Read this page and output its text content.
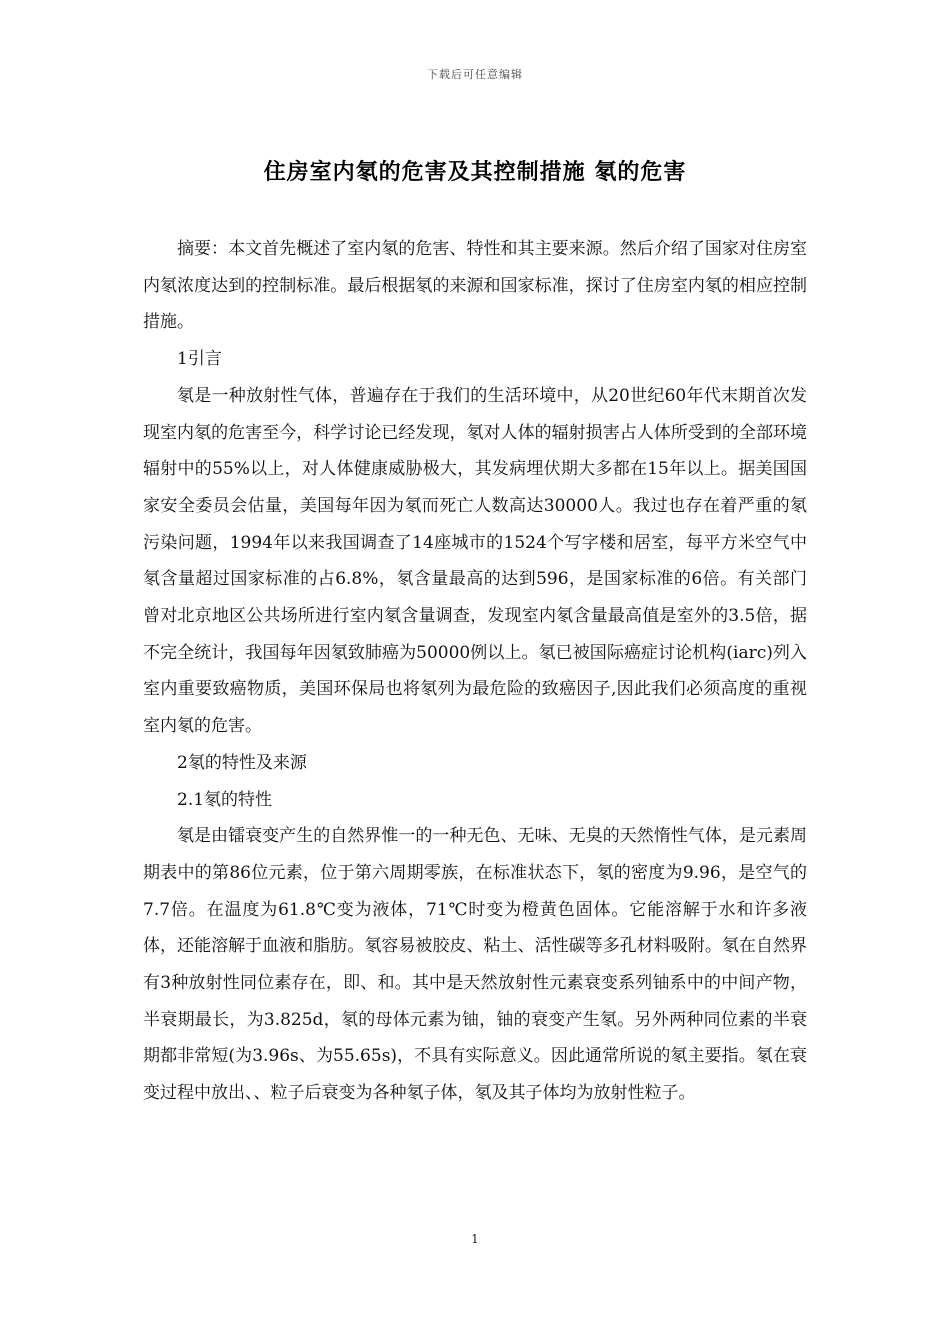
下载后可任意编辑
住房室内氡的危害及其控制措施 氡的危害

摘要：本文首先概述了室内氡的危害、特性和其主要来源。然后介绍了国家对住房室内氡浓度达到的控制标准。最后根据氡的来源和国家标准，探讨了住房室内氡的相应控制措施。

1引言

氡是一种放射性气体，普遍存在于我们的生活环境中，从20世纪60年代末期首次发现室内氡的危害至今，科学讨论已经发现，氡对人体的辐射损害占人体所受到的全部环境辐射中的55%以上，对人体健康威胁极大，其发病埋伏期大多都在15年以上。据美国国家安全委员会估量，美国每年因为氡而死亡人数高达30000人。我过也存在着严重的氡污染问题，1994年以来我国调查了14座城市的1524个写字楼和居室，每平方米空气中氡含量超过国家标准的占6.8%，氡含量最高的达到596，是国家标准的6倍。有关部门曾对北京地区公共场所进行室内氡含量调查，发现室内氡含量最高值是室外的3.5倍，据不完全统计，我国每年因氡致肺癌为50000例以上。氡已被国际癌症讨论机构(iarc)列入室内重要致癌物质，美国环保局也将氡列为最危险的致癌因子,因此我们必须高度的重视室内氡的危害。

2氡的特性及来源

2.1氡的特性

氡是由镭衰变产生的自然界惟一的一种无色、无味、无臭的天然惰性气体，是元素周期表中的第86位元素，位于第六周期零族，在标准状态下，氡的密度为9.96，是空气的7.7倍。在温度为61.8℃变为液体，71℃时变为橙黄色固体。它能溶解于水和许多液体，还能溶解于血液和脂肪。氡容易被胶皮、粘土、活性碳等多孔材料吸附。氡在自然界有3种放射性同位素存在，即、和。其中是天然放射性元素衰变系列铀系中的中间产物，半衰期最长，为3.825d，氡的母体元素为铀，铀的衰变产生氡。另外两种同位素的半衰期都非常短(为3.96s、为55.65s)，不具有实际意义。因此通常所说的氡主要指。氡在衰变过程中放出、、粒子后衰变为各种氡子体，氡及其子体均为放射性粒子。

1
